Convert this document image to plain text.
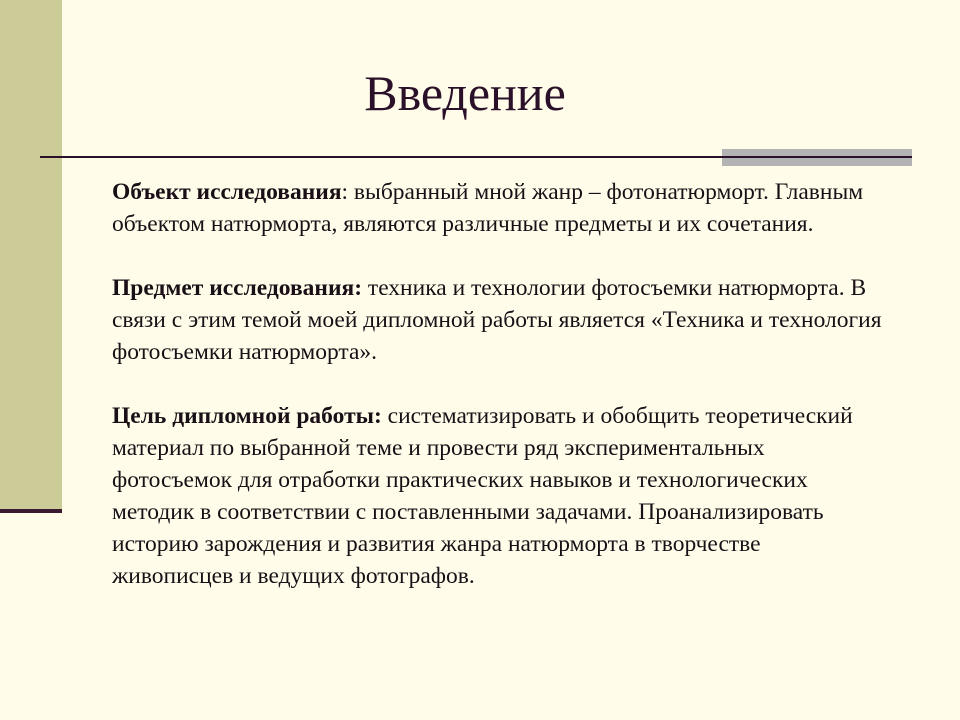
Введение

Объект исследования: выбранный мной жанр – фотонатюрморт. Главным объектом натюрморта, являются различные предметы и их сочетания.

Предмет исследования: техника и технологии фотосъемки натюрморта. В связи с этим темой моей дипломной работы является «Техника и технология фотосъемки натюрморта».

Цель дипломной работы: систематизировать и обобщить теоретический материал по выбранной теме и провести ряд экспериментальных фотосъемок для отработки практических навыков и технологических методик в соответствии с поставленными задачами. Проанализировать историю зарождения и развития жанра натюрморта в творчестве живописцев и ведущих фотографов.
